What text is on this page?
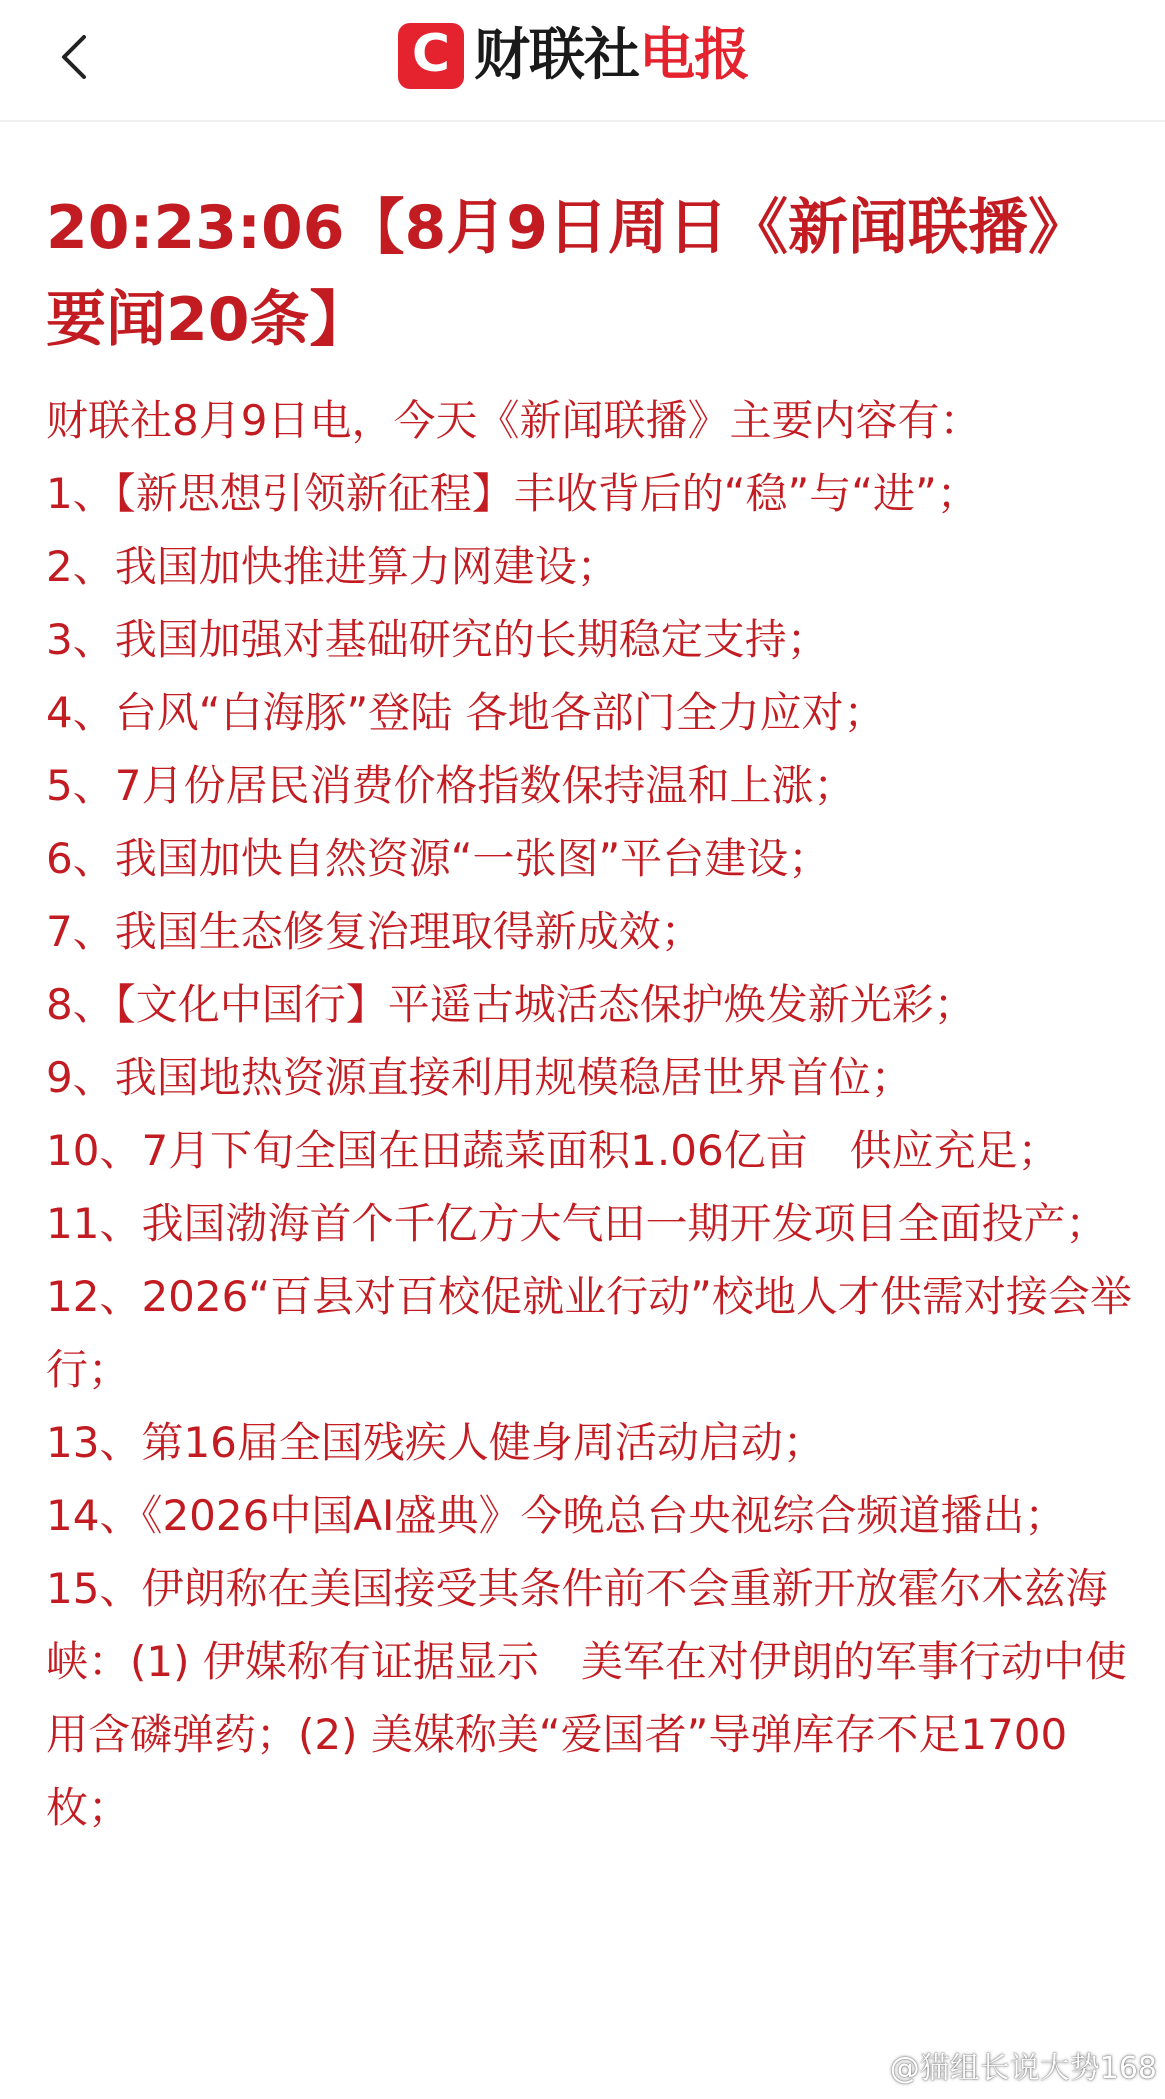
C 财联社电报
20:23:06【8月9日周日《新闻联播》要闻20条】

财联社8月9日电，今天《新闻联播》主要内容有：

1、【新思想引领新征程】丰收背后的“稳”与“进”；

2、我国加快推进算力网建设；

3、我国加强对基础研究的长期稳定支持；

4、台风“白海豚”登陆 各地各部门全力应对；

5、7月份居民消费价格指数保持温和上涨；

6、我国加快自然资源“一张图”平台建设；

7、我国生态修复治理取得新成效；

8、【文化中国行】平遥古城活态保护焕发新光彩；

9、我国地热资源直接利用规模稳居世界首位；

10、7月下旬全国在田蔬菜面积1.06亿亩　供应充足；

11、我国渤海首个千亿方大气田一期开发项目全面投产；

12、2026“百县对百校促就业行动”校地人才供需对接会举行；

13、第16届全国残疾人健身周活动启动；

14、《2026中国AI盛典》今晚总台央视综合频道播出；

15、伊朗称在美国接受其条件前不会重新开放霍尔木兹海峡：(1) 伊媒称有证据显示　美军在对伊朗的军事行动中使用含磷弹药；(2) 美媒称美“爱国者”导弹库存不足1700枚；

@猫组长说大势168
